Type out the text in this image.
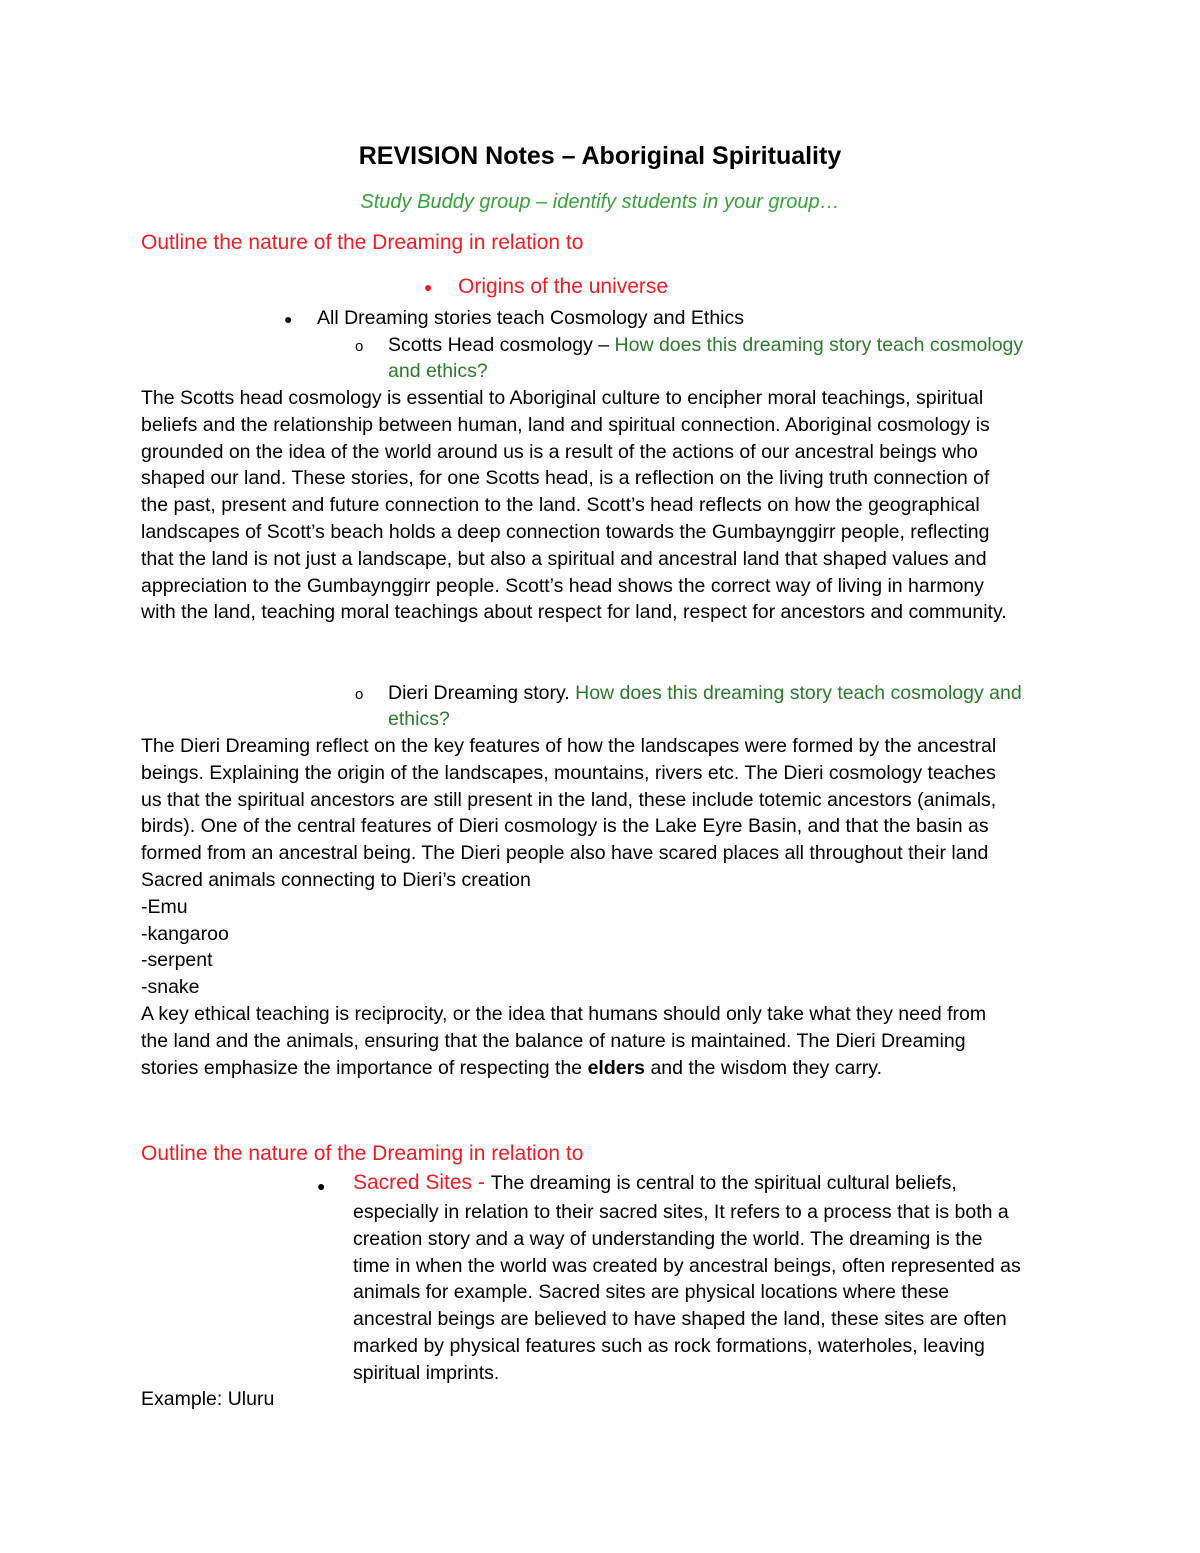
REVISION Notes – Aboriginal Spirituality
Study Buddy group – identify students in your group…
Outline the nature of the Dreaming in relation to
● Origins of the universe
● All Dreaming stories teach Cosmology and Ethics
o Scotts Head cosmology – How does this dreaming story teach cosmology
and ethics?
The Scotts head cosmology is essential to Aboriginal culture to encipher moral teachings, spiritual
beliefs and the relationship between human, land and spiritual connection. Aboriginal cosmology is
grounded on the idea of the world around us is a result of the actions of our ancestral beings who
shaped our land. These stories, for one Scotts head, is a reflection on the living truth connection of
the past, present and future connection to the land. Scott’s head reflects on how the geographical
landscapes of Scott’s beach holds a deep connection towards the Gumbaynggirr people, reflecting
that the land is not just a landscape, but also a spiritual and ancestral land that shaped values and
appreciation to the Gumbaynggirr people. Scott’s head shows the correct way of living in harmony
with the land, teaching moral teachings about respect for land, respect for ancestors and community.
o Dieri Dreaming story. How does this dreaming story teach cosmology and
ethics?
The Dieri Dreaming reflect on the key features of how the landscapes were formed by the ancestral
beings. Explaining the origin of the landscapes, mountains, rivers etc. The Dieri cosmology teaches
us that the spiritual ancestors are still present in the land, these include totemic ancestors (animals,
birds). One of the central features of Dieri cosmology is the Lake Eyre Basin, and that the basin as
formed from an ancestral being. The Dieri people also have scared places all throughout their land
Sacred animals connecting to Dieri’s creation
-Emu
-kangaroo
-serpent
-snake
A key ethical teaching is reciprocity, or the idea that humans should only take what they need from
the land and the animals, ensuring that the balance of nature is maintained. The Dieri Dreaming
stories emphasize the importance of respecting the elders and the wisdom they carry.
Outline the nature of the Dreaming in relation to
● Sacred Sites - The dreaming is central to the spiritual cultural beliefs,
especially in relation to their sacred sites, It refers to a process that is both a
creation story and a way of understanding the world. The dreaming is the
time in when the world was created by ancestral beings, often represented as
animals for example. Sacred sites are physical locations where these
ancestral beings are believed to have shaped the land, these sites are often
marked by physical features such as rock formations, waterholes, leaving
spiritual imprints.
Example: Uluru
